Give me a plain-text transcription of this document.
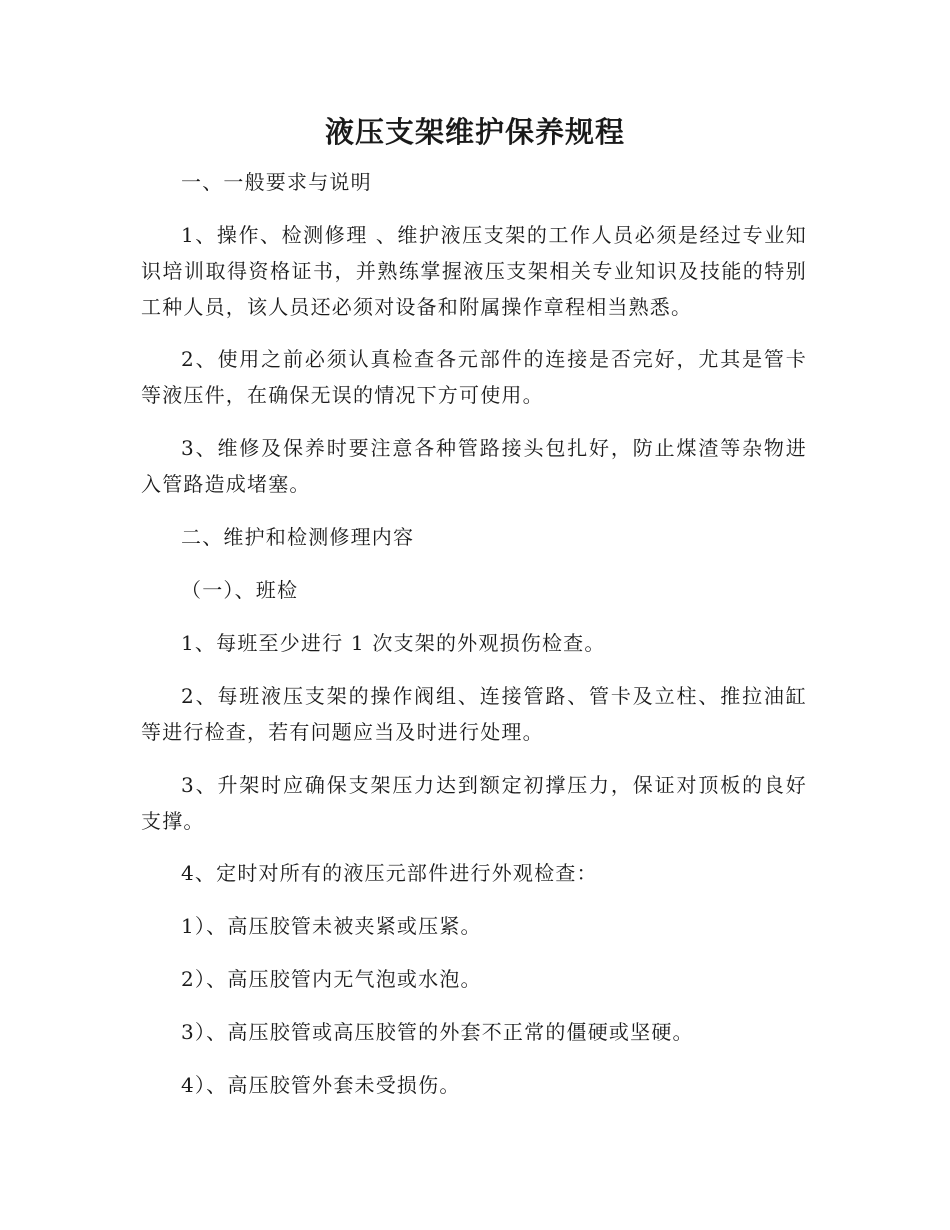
液压支架维护保养规程

一、一般要求与说明

1、操作、检测修理 、维护液压支架的工作人员必须是经过专业知识培训取得资格证书，并熟练掌握液压支架相关专业知识及技能的特别工种人员，该人员还必须对设备和附属操作章程相当熟悉。

2、使用之前必须认真检查各元部件的连接是否完好，尤其是管卡等液压件，在确保无误的情况下方可使用。

3、维修及保养时要注意各种管路接头包扎好，防止煤渣等杂物进入管路造成堵塞。

二、维护和检测修理内容

（一）、班检

1、每班至少进行 1 次支架的外观损伤检查。

2、每班液压支架的操作阀组、连接管路、管卡及立柱、推拉油缸等进行检查，若有问题应当及时进行处理。

3、升架时应确保支架压力达到额定初撑压力，保证对顶板的良好支撑。

4、定时对所有的液压元部件进行外观检查：

1）、高压胶管未被夹紧或压紧。

2）、高压胶管内无气泡或水泡。

3）、高压胶管或高压胶管的外套不正常的僵硬或坚硬。

4）、高压胶管外套未受损伤。
